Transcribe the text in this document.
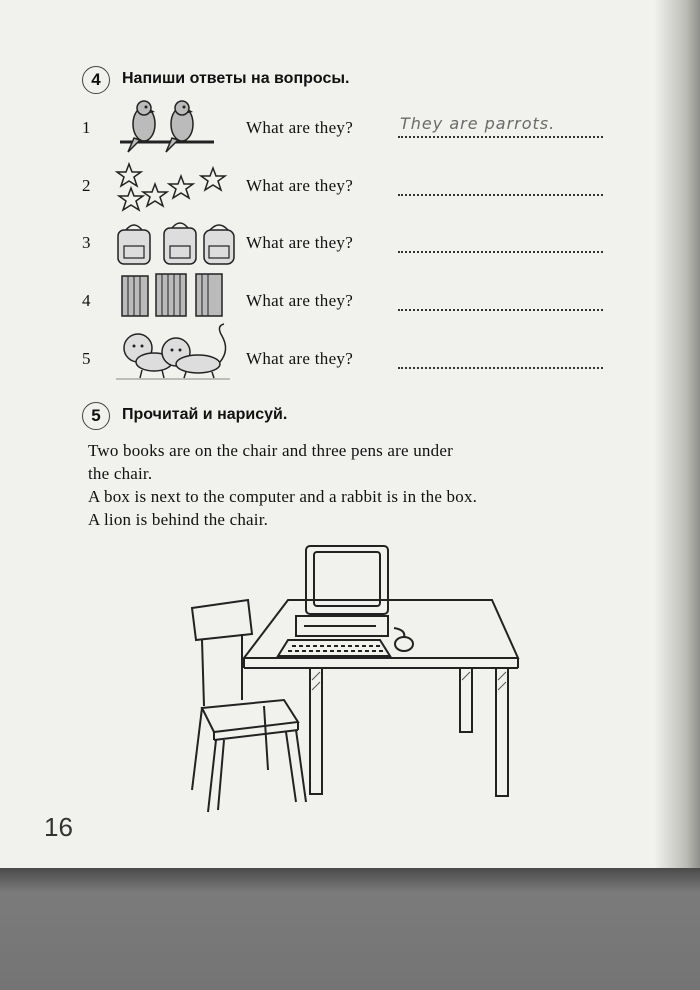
4	Напиши ответы на вопросы.
1	What are they?	They are parrots.
2	What are they?
3	What are they?
4	What are they?
5	What are they?
5	Прочитай и нарисуй.
Two books are on the chair and three pens are under
the chair.
A box is next to the computer and a rabbit is in the box.
A lion is behind the chair.
16
